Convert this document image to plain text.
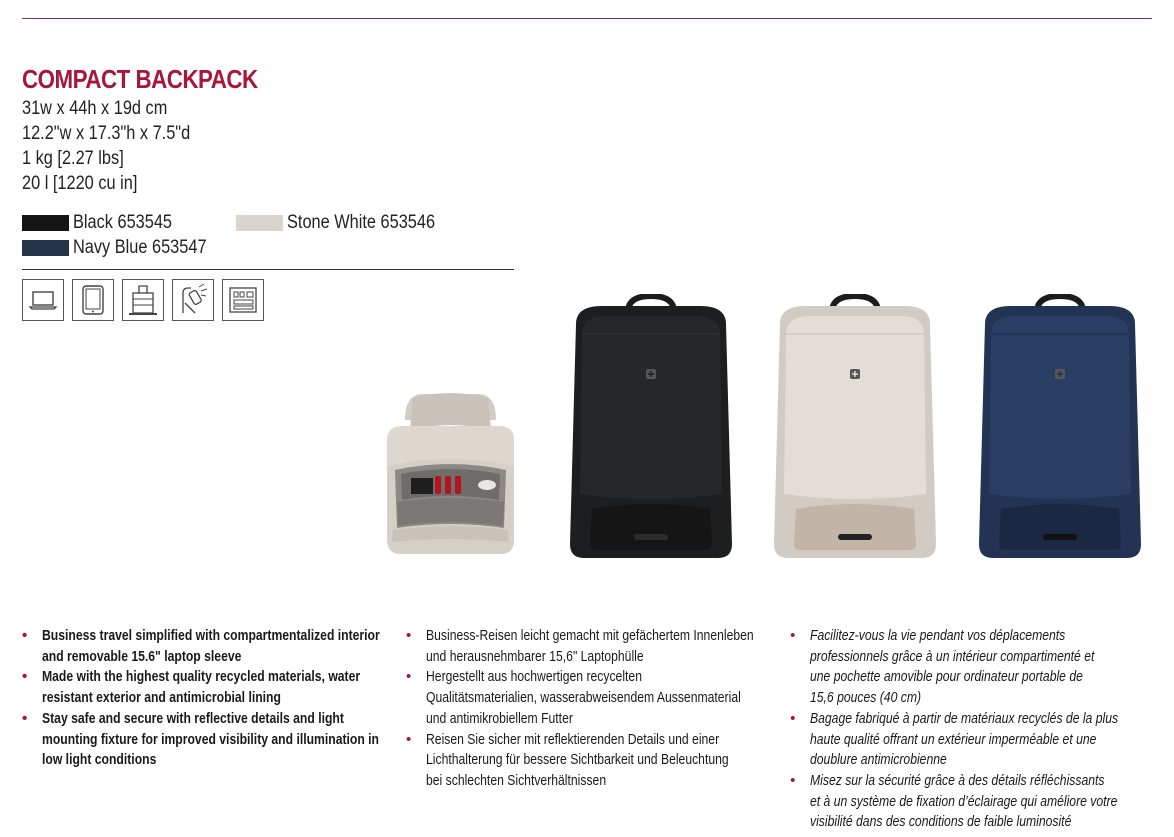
COMPACT BACKPACK
31w x 44h x 19d cm
12.2"w x 17.3"h x 7.5"d
1 kg [2.27 lbs]
20 l [1220 cu in]
Black 653545	Stone White 653546
Navy Blue 653547
• Business travel simplified with compartmentalized interior
and removable 15.6" laptop sleeve
• Made with the highest quality recycled materials, water
resistant exterior and antimicrobial lining
• Stay safe and secure with reflective details and light
mounting fixture for improved visibility and illumination in
low light conditions
• Business-Reisen leicht gemacht mit gefächertem Innenleben
und herausnehmbarer 15,6" Laptophülle
• Hergestellt aus hochwertigen recycelten
Qualitätsmaterialien, wasserabweisendem Aussenmaterial
und antimikrobiellem Futter
• Reisen Sie sicher mit reflektierenden Details und einer
Lichthalterung für bessere Sichtbarkeit und Beleuchtung
bei schlechten Sichtverhältnissen
• Facilitez-vous la vie pendant vos déplacements
professionnels grâce à un intérieur compartimenté et
une pochette amovible pour ordinateur portable de
15,6 pouces (40 cm)
• Bagage fabriqué à partir de matériaux recyclés de la plus
haute qualité offrant un extérieur imperméable et une
doublure antimicrobienne
• Misez sur la sécurité grâce à des détails réfléchissants
et à un système de fixation d’éclairage qui améliore votre
visibilité dans des conditions de faible luminosité
